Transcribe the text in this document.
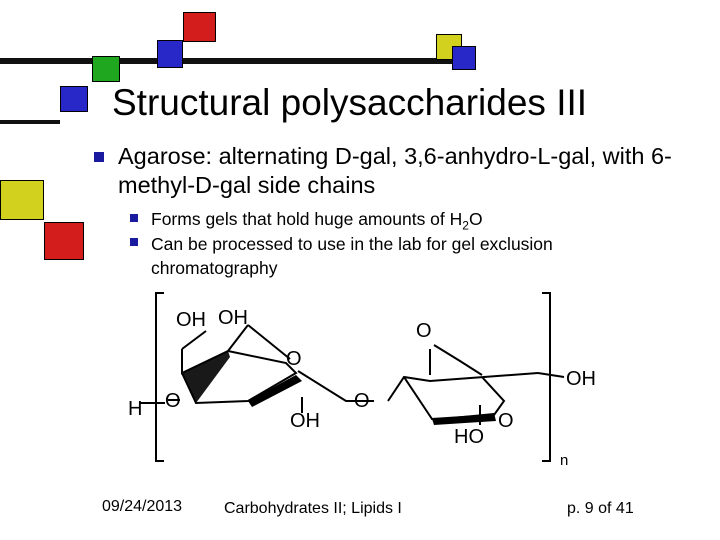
Structural polysaccharides III
Agarose: alternating D-gal, 3,6-anhydro-L-gal, with 6-methyl-D-gal side chains
Forms gels that hold huge amounts of $H_2O$
Can be processed to use in the lab for gel exclusion chromatography
OH OH
O
H O
OH
O
O
O
OH
HO
n
09/24/2013	Carbohydrates II; Lipids I	p. 9 of 41
